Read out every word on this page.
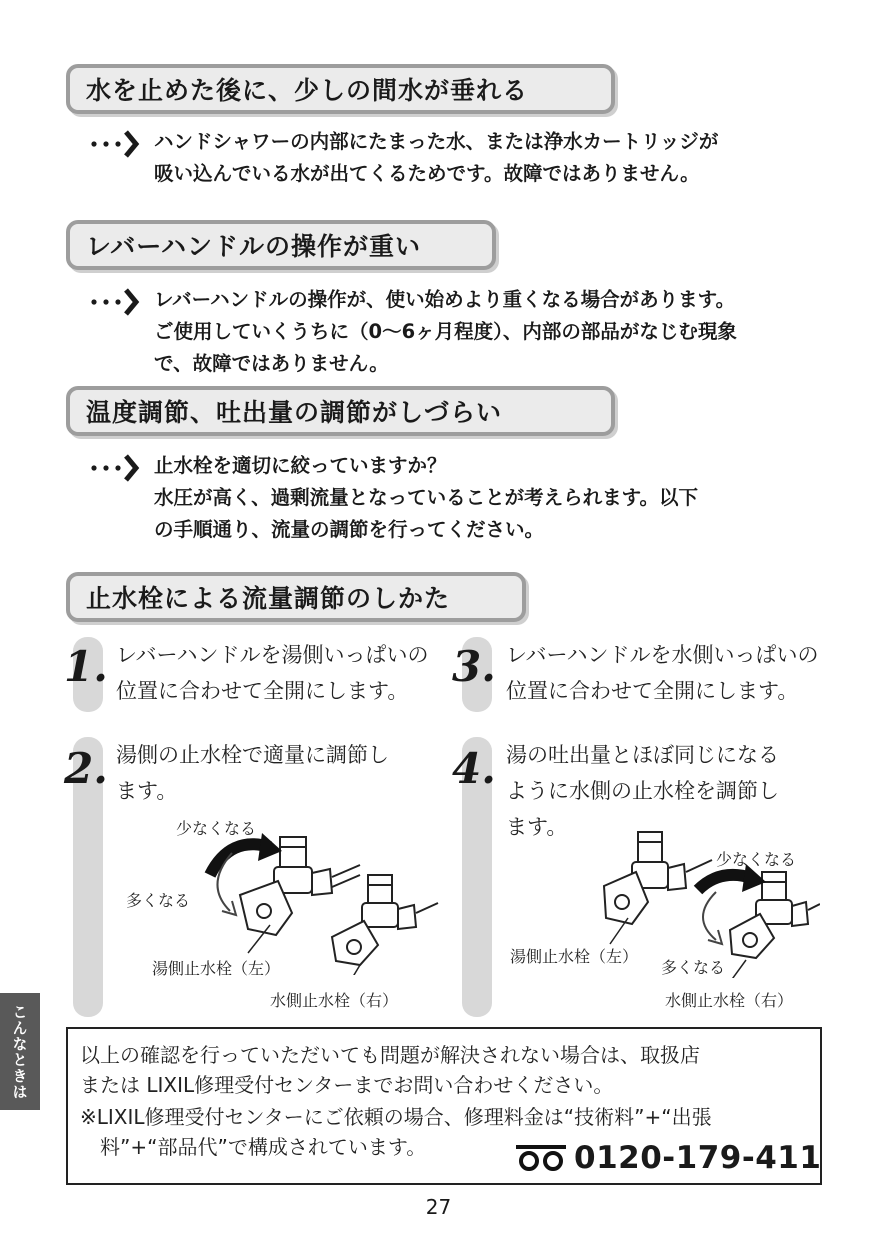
水を止めた後に、少しの間水が垂れる
ハンドシャワーの内部にたまった水、または浄水カートリッジが
吸い込んでいる水が出てくるためです。故障ではありません。
レバーハンドルの操作が重い
レバーハンドルの操作が、使い始めより重くなる場合があります。
ご使用していくうちに（0～6ヶ月程度）、内部の部品がなじむ現象
で、故障ではありません。
温度調節、吐出量の調節がしづらい
止水栓を適切に絞っていますか？
水圧が高く、過剰流量となっていることが考えられます。以下
の手順通り、流量の調節を行ってください。
止水栓による流量調節のしかた
1. レバーハンドルを湯側いっぱいの
位置に合わせて全開にします。
2. 湯側の止水栓で適量に調節し
ます。
3. レバーハンドルを水側いっぱいの
位置に合わせて全開にします。
4. 湯の吐出量とほぼ同じになる
ように水側の止水栓を調節し
ます。
少なくなる
多くなる
湯側止水栓（左）
水側止水栓（右）
少なくなる
多くなる
湯側止水栓（左）
水側止水栓（右）
こんなときは	以上の確認を行っていただいても問題が解決されない場合は、取扱店
または LIXIL修理受付センターまでお問い合わせください。
※LIXIL修理受付センターにご依頼の場合、修理料金は“技術料”+“出張
料”+“部品代”で構成されています。	0120-179-411
27
